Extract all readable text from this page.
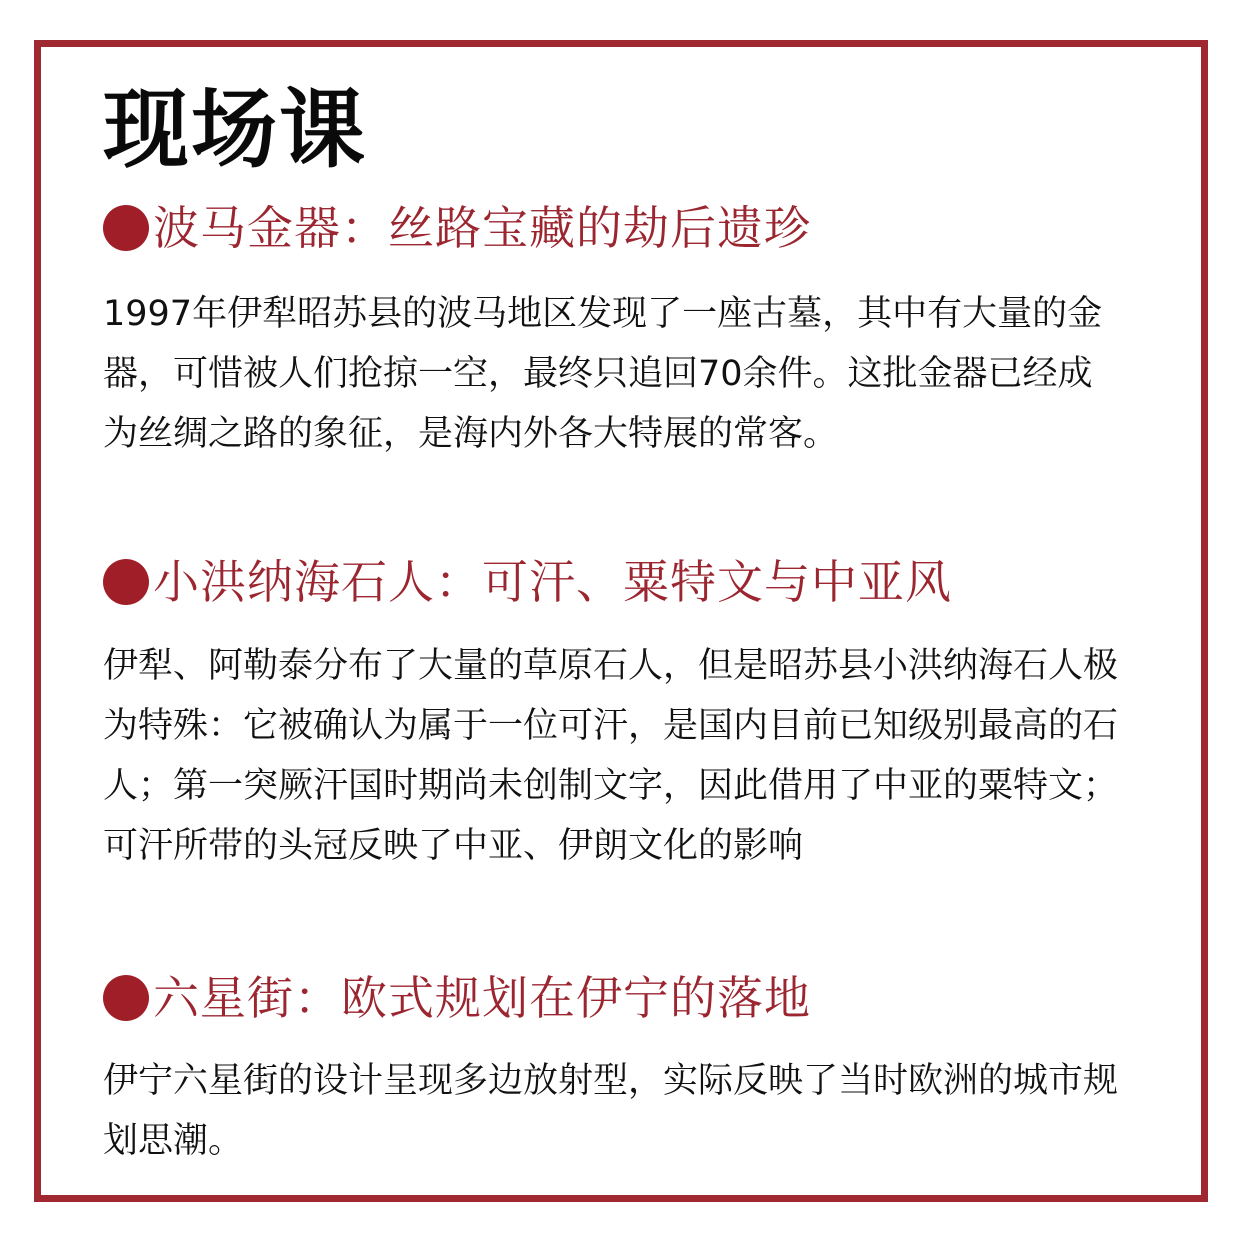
现场课
波马金器：丝路宝藏的劫后遗珍

1997年伊犁昭苏县的波马地区发现了一座古墓，其中有大量的金器，可惜被人们抢掠一空，最终只追回70余件。这批金器已经成为丝绸之路的象征，是海内外各大特展的常客。

小洪纳海石人：可汗、粟特文与中亚风

伊犁、阿勒泰分布了大量的草原石人，但是昭苏县小洪纳海石人极为特殊：它被确认为属于一位可汗，是国内目前已知级别最高的石人；第一突厥汗国时期尚未创制文字，因此借用了中亚的粟特文；可汗所带的头冠反映了中亚、伊朗文化的影响

六星街：欧式规划在伊宁的落地

伊宁六星街的设计呈现多边放射型，实际反映了当时欧洲的城市规划思潮。
